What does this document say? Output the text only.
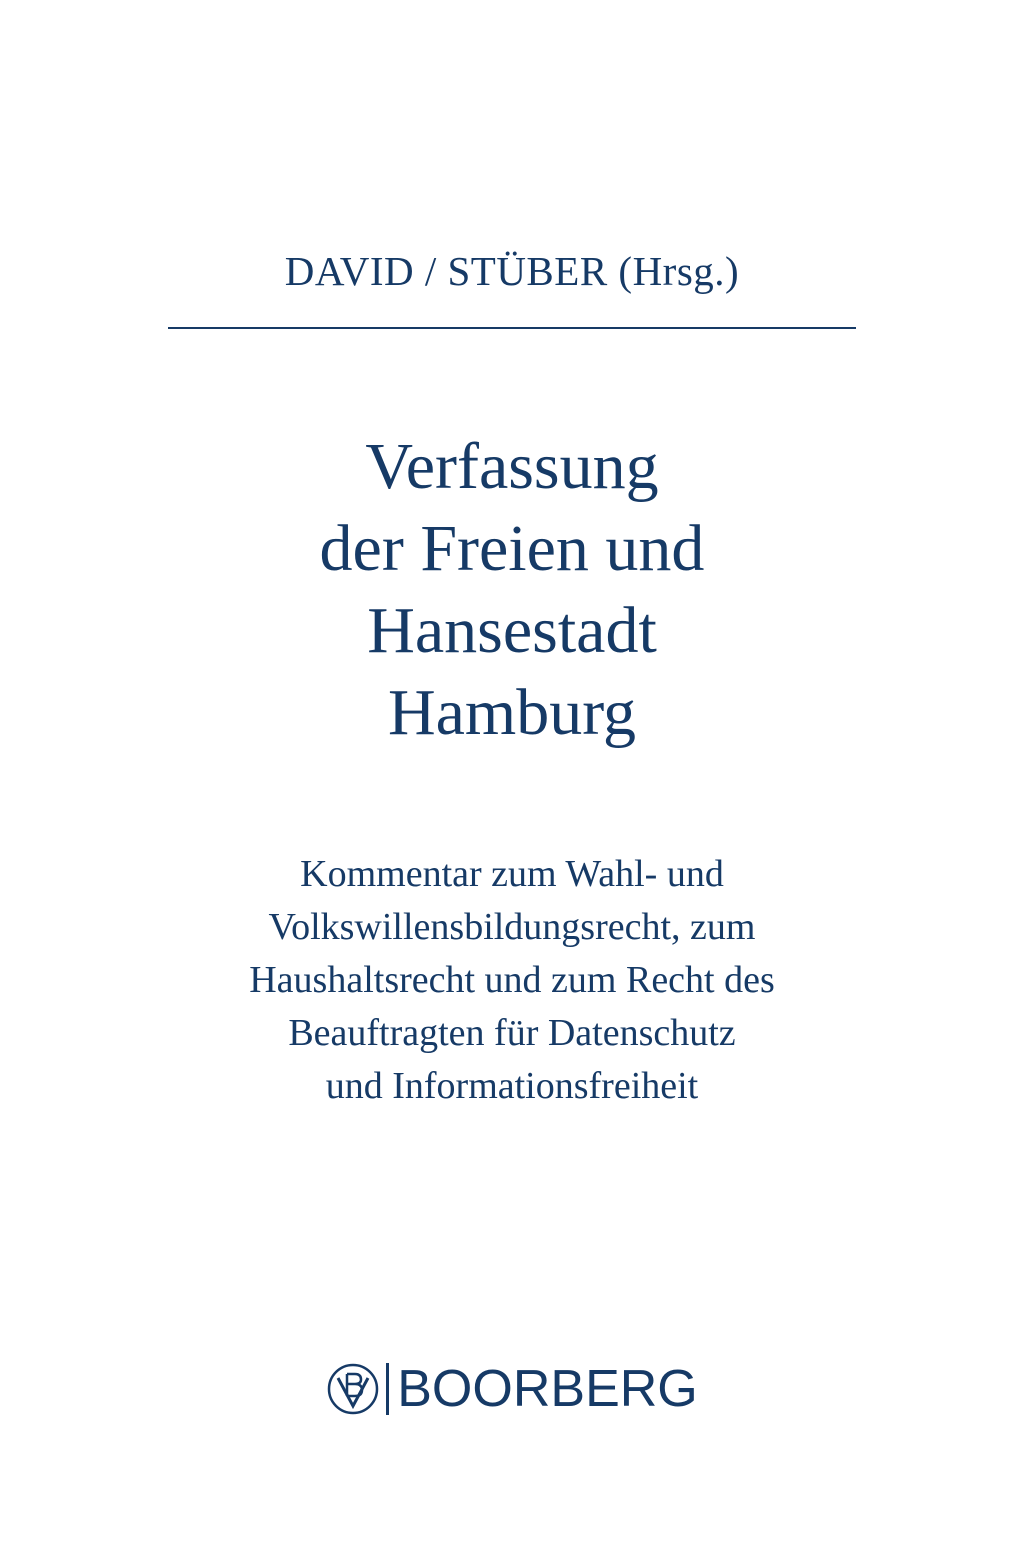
DAVID / STÜBER (Hrsg.)
Verfassung
der Freien und
Hansestadt
Hamburg
Kommentar zum Wahl- und
Volkswillensbildungsrecht, zum
Haushaltsrecht und zum Recht des
Beauftragten für Datenschutz
und Informationsfreiheit
BOORBERG
